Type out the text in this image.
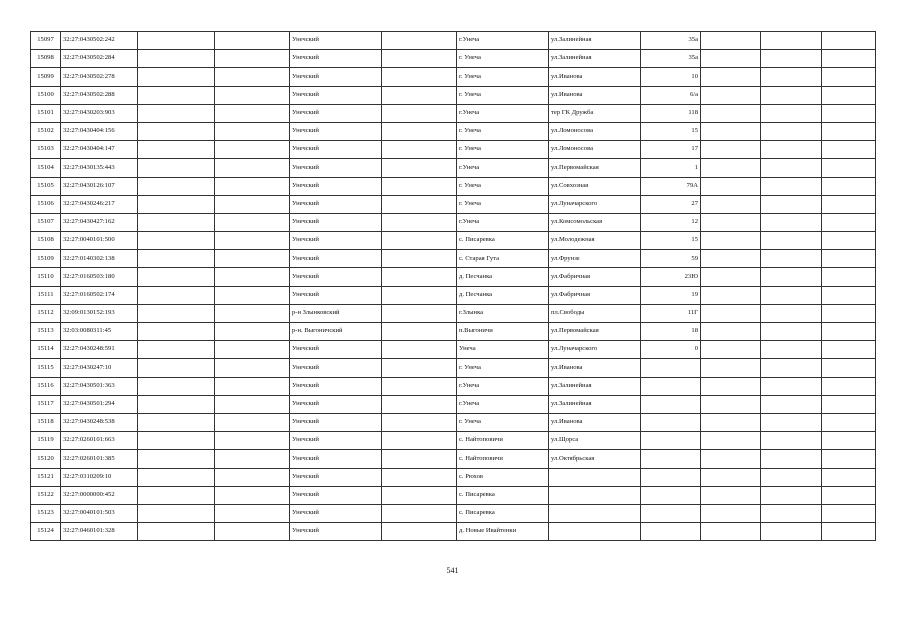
15097	32:27:0430502:242			Унечский		г.Унеча	ул.Залинейная	35а			
15098	32:27:0430502:284			Унечский		г. Унеча	ул.Залинейная	35а			
15099	32:27:0430502:278			Унечский		г. Унеча	ул.Иванова	10			
15100	32:27:0430502:288			Унечский		г. Унеча	ул.Иванова	6/а			
15101	32:27:0430203:903			Унечский		г.Унеча	тер ГК Дружба	118			
15102	32:27:0430404:156			Унечский		г. Унеча	ул.Ломоносова	15			
15103	32:27:0430404:147			Унечский		г. Унеча	ул.Ломоносова	17			
15104	32:27:0430135:443			Унечский		г.Унеча	ул.Первомайская	1			
15105	32:27:0430126:107			Унечский		г. Унеча	ул.Совхозная	79А			
15106	32:27:0430246:217			Унечский		г. Унеча	ул.Луначарского	27			
15107	32:27:0430427:162			Унечский		г.Унеча	ул.Комсомольская	12			
15108	32:27:0040101:500			Унечский		с. Писаревка	ул.Молодежная	15			
15109	32:27:0140302:138			Унечский		с. Старая Гута	ул.Фрунзе	59			
15110	32:27:0160503:180			Унечский		д. Песчанка	ул.Фабричная	23Ю			
15111	32:27:0160502:174			Унечский		д. Песчанка	ул.Фабричная	19			
15112	32:09:0130152:193			р-н Злынковский		г.Злынка	пл.Свободы	11Г			
15113	32:03:0080311:45			р-н. Выгоничский		п.Выгоничи	ул.Первомайская	18			
15114	32:27:0430248:591			Унечский		Унеча	ул.Луначарского	0			
15115	32:27:0430247:10			Унечский		г. Унеча	ул.Иванова				
15116	32:27:0430501:363			Унечский		г.Унеча	ул.Залинейная				
15117	32:27:0430501:294			Унечский		г.Унеча	ул.Залинейная				
15118	32:27:0430248:538			Унечский		г. Унеча	ул.Иванова				
15119	32:27:0260101:663			Унечский		с. Найтоповичи	ул.Щорса				
15120	32:27:0260101:385			Унечский		с. Найтоповичи	ул.Октябрьская				
15121	32:27:0310209:10			Унечский		с. Рюхов					
15122	32:27:0000000:452			Унечский		с. Писаревка					
15123	32:27:0040101:503			Унечский		с. Писаревка					
15124	32:27:0460101:328			Унечский		д. Новые Ивайтенки					
541
